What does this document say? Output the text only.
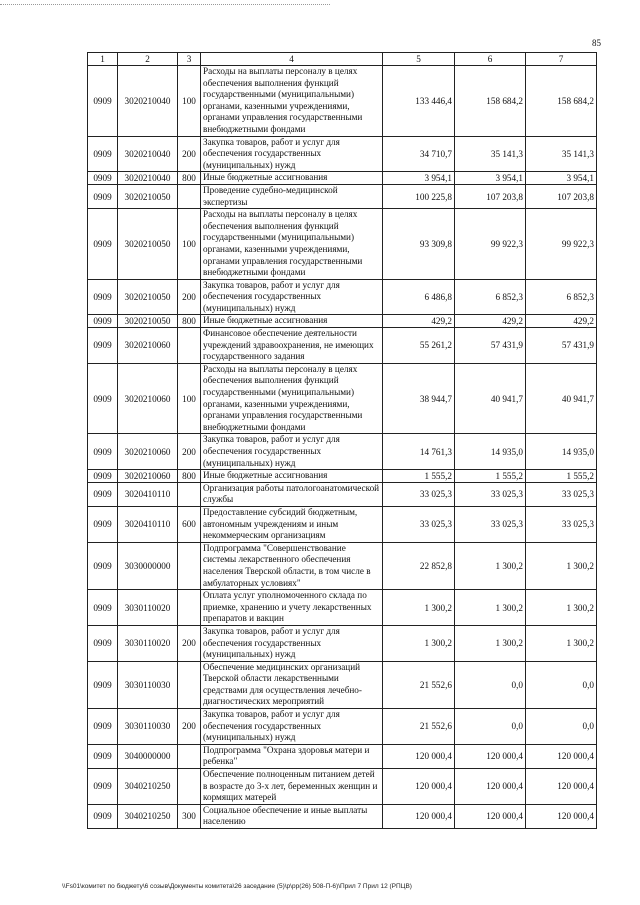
85
1	2	3	4	5	6	7
0909	3020210040	100	Расходы на выплаты персоналу в целях обеспечения выполнения функций государственными (муниципальными) органами, казенными учреждениями, органами управления государственными внебюджетными фондами	133 446,4	158 684,2	158 684,2
0909	3020210040	200	Закупка товаров, работ и услуг для обеспечения государственных (муниципальных) нужд	34 710,7	35 141,3	35 141,3
0909	3020210040	800	Иные бюджетные ассигнования	3 954,1	3 954,1	3 954,1
0909	3020210050		Проведение судебно-медицинской экспертизы	100 225,8	107 203,8	107 203,8
0909	3020210050	100	Расходы на выплаты персоналу в целях обеспечения выполнения функций государственными (муниципальными) органами, казенными учреждениями, органами управления государственными внебюджетными фондами	93 309,8	99 922,3	99 922,3
0909	3020210050	200	Закупка товаров, работ и услуг для обеспечения государственных (муниципальных) нужд	6 486,8	6 852,3	6 852,3
0909	3020210050	800	Иные бюджетные ассигнования	429,2	429,2	429,2
0909	3020210060		Финансовое обеспечение деятельности учреждений здравоохранения, не имеющих государственного задания	55 261,2	57 431,9	57 431,9
0909	3020210060	100	Расходы на выплаты персоналу в целях обеспечения выполнения функций государственными (муниципальными) органами, казенными учреждениями, органами управления государственными внебюджетными фондами	38 944,7	40 941,7	40 941,7
0909	3020210060	200	Закупка товаров, работ и услуг для обеспечения государственных (муниципальных) нужд	14 761,3	14 935,0	14 935,0
0909	3020210060	800	Иные бюджетные ассигнования	1 555,2	1 555,2	1 555,2
0909	3020410110		Организация работы патологоанатомической службы	33 025,3	33 025,3	33 025,3
0909	3020410110	600	Предоставление субсидий бюджетным, автономным учреждениям и иным некоммерческим организациям	33 025,3	33 025,3	33 025,3
0909	3030000000		Подпрограмма "Совершенствование системы лекарственного обеспечения населения Тверской области, в том числе в амбулаторных условиях"	22 852,8	1 300,2	1 300,2
0909	3030110020		Оплата услуг уполномоченного склада по приемке, хранению и учету лекарственных препаратов и вакцин	1 300,2	1 300,2	1 300,2
0909	3030110020	200	Закупка товаров, работ и услуг для обеспечения государственных (муниципальных) нужд	1 300,2	1 300,2	1 300,2
0909	3030110030		Обеспечение медицинских организаций Тверской области лекарственными средствами для осуществления лечебно-диагностических мероприятий	21 552,6	0,0	0,0
0909	3030110030	200	Закупка товаров, работ и услуг для обеспечения государственных (муниципальных) нужд	21 552,6	0,0	0,0
0909	3040000000		Подпрограмма "Охрана здоровья матери и ребенка"	120 000,4	120 000,4	120 000,4
0909	3040210250		Обеспечение полноценным питанием детей в возрасте до 3-х лет, беременных женщин и кормящих матерей	120 000,4	120 000,4	120 000,4
0909	3040210250	300	Социальное обеспечение и иные выплаты населению	120 000,4	120 000,4	120 000,4
\\Fs01\комитет по бюджету\6 созыв\Документы комитета\26 заседание (5)\р\рр(26) 508-П-6)\Прил 7 Прил 12 (РПЦВ)
